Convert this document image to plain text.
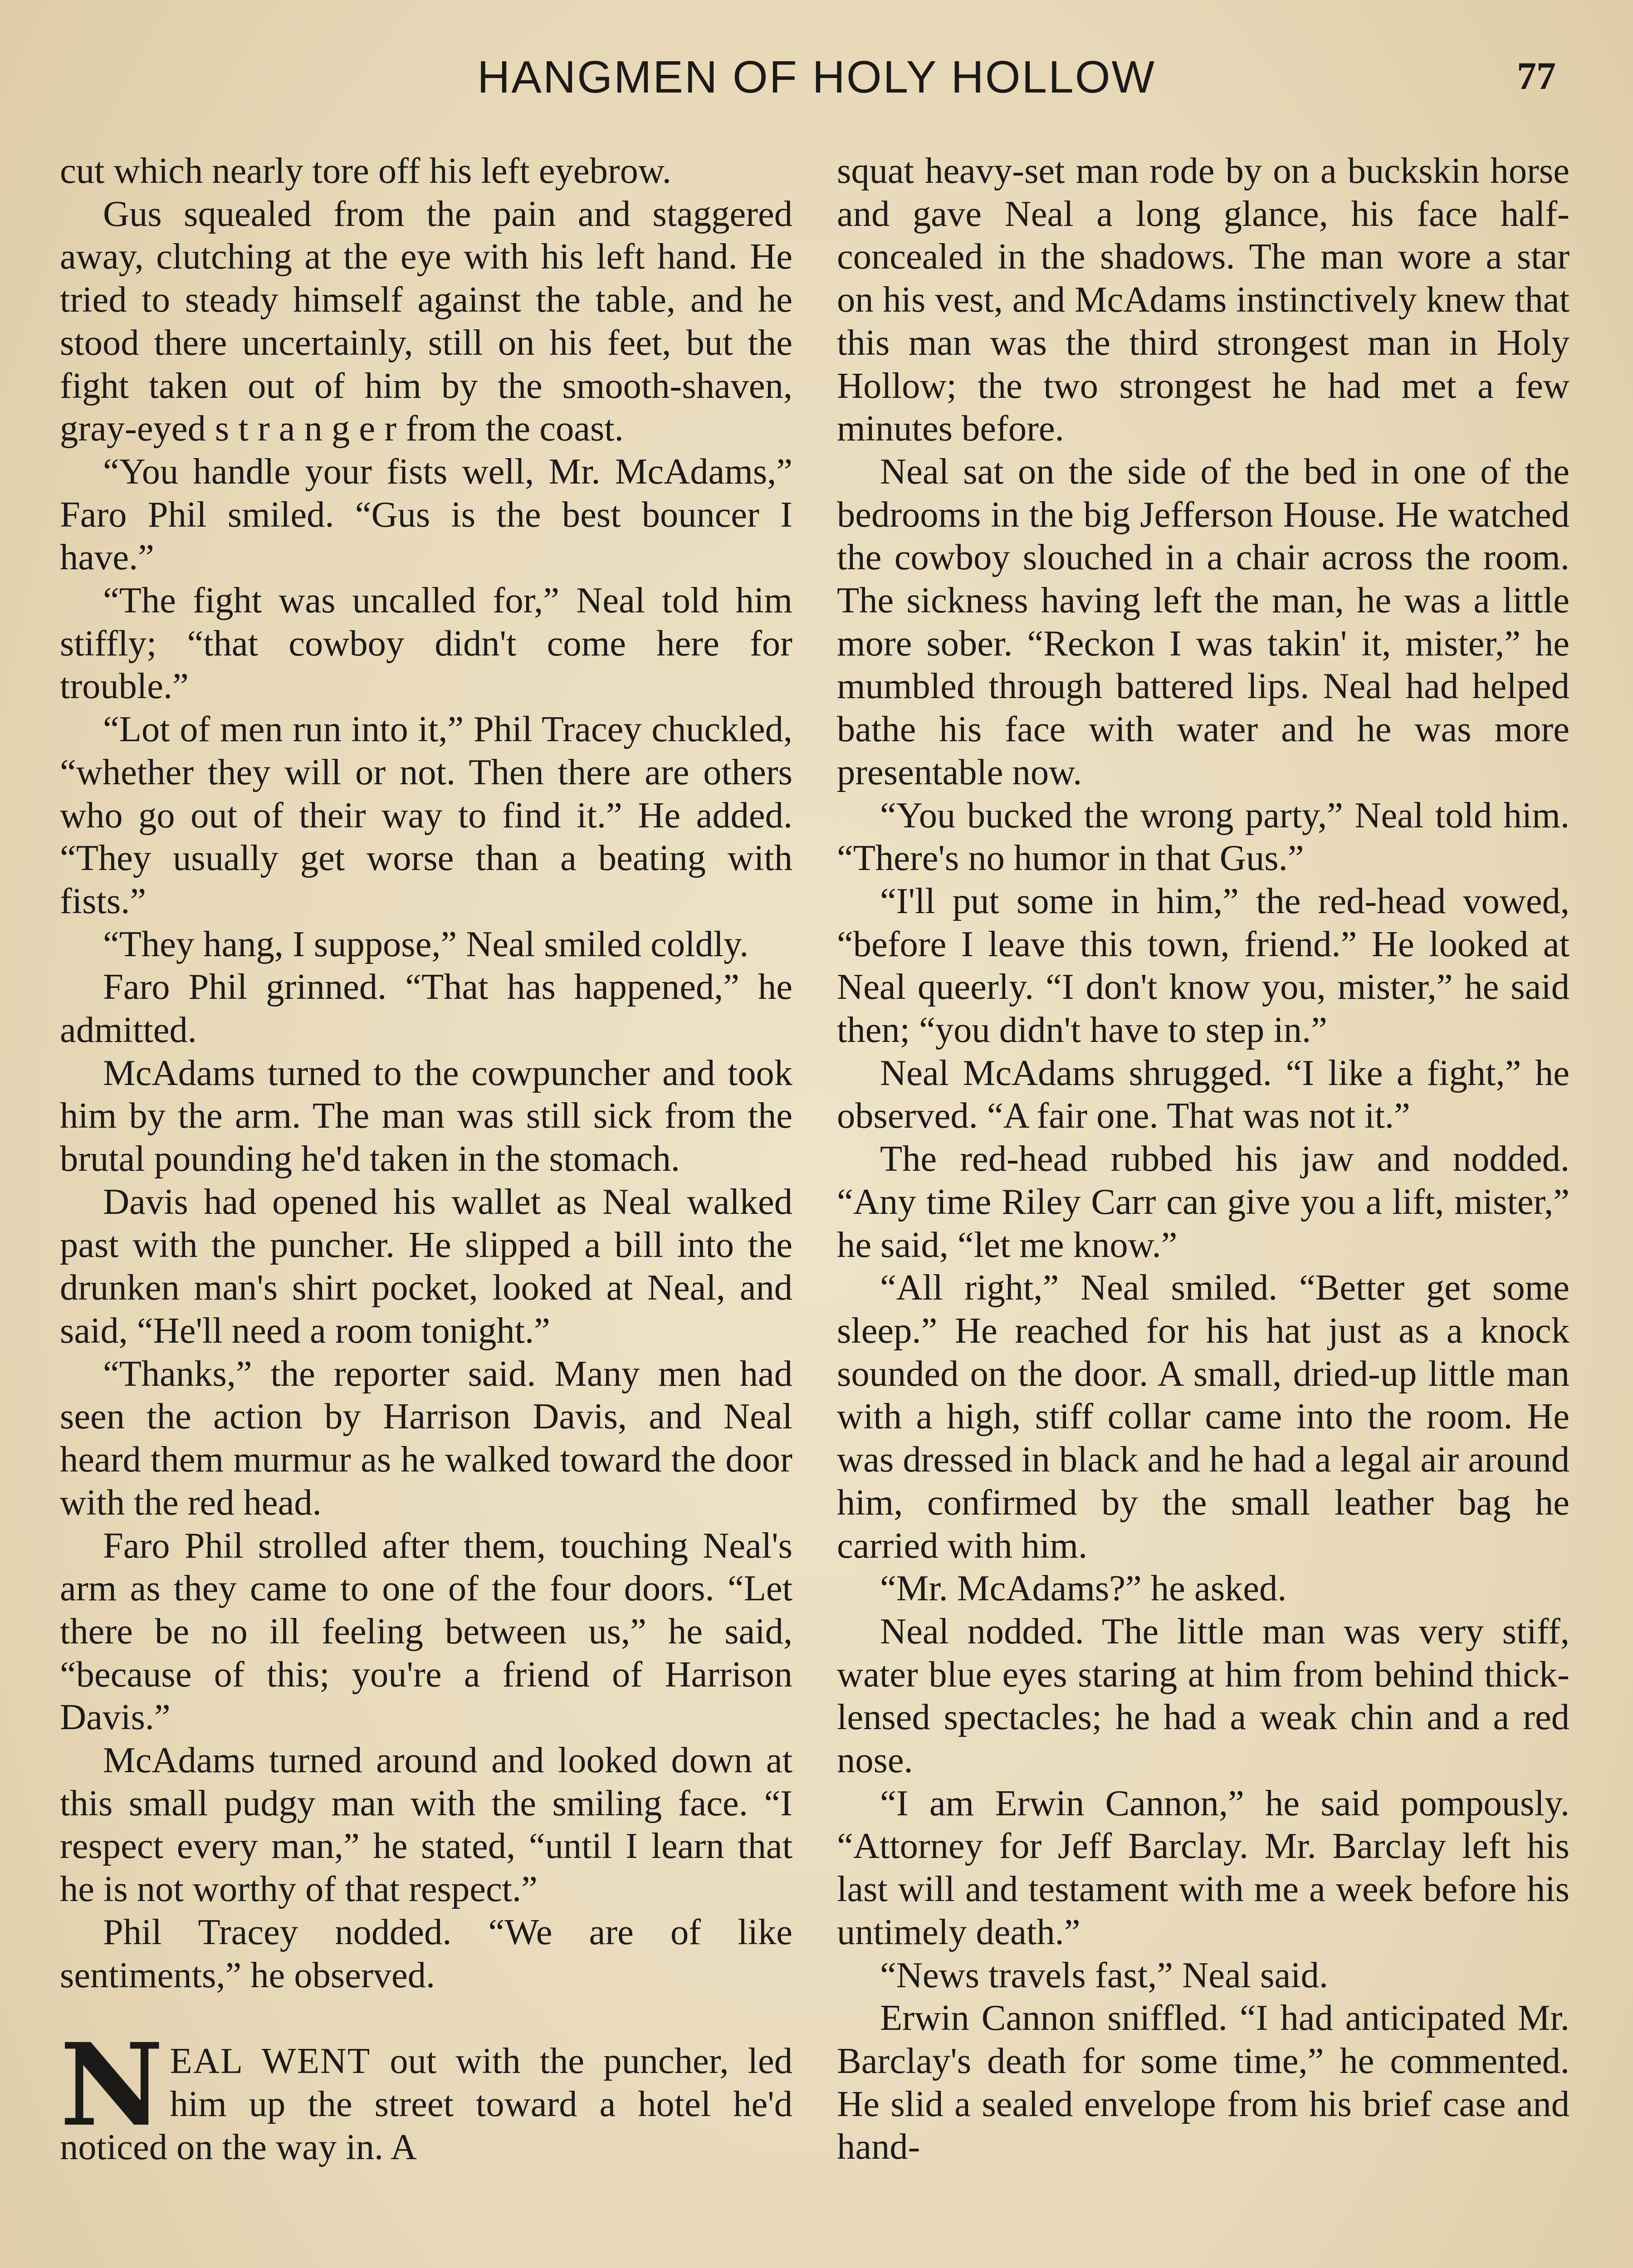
HANGMEN OF HOLY HOLLOW	77

cut which nearly tore off his left eyebrow.

Gus squealed from the pain and staggered away, clutching at the eye with his left hand. He tried to steady himself against the table, and he stood there uncertainly, still on his feet, but the fight taken out of him by the smooth-shaven, gray-eyed s t r a n g e r from the coast.

“You handle your fists well, Mr. McAdams,” Faro Phil smiled. “Gus is the best bouncer I have.”

“The fight was uncalled for,” Neal told him stiffly; “that cowboy didn't come here for trouble.”

“Lot of men run into it,” Phil Tracey chuckled, “whether they will or not. Then there are others who go out of their way to find it.” He added. “They usually get worse than a beating with fists.”

“They hang, I suppose,” Neal smiled coldly.

Faro Phil grinned. “That has happened,” he admitted.

McAdams turned to the cowpuncher and took him by the arm. The man was still sick from the brutal pounding he'd taken in the stomach.

Davis had opened his wallet as Neal walked past with the puncher. He slipped a bill into the drunken man's shirt pocket, looked at Neal, and said, “He'll need a room tonight.”

“Thanks,” the reporter said. Many men had seen the action by Harrison Davis, and Neal heard them murmur as he walked toward the door with the red head.

Faro Phil strolled after them, touching Neal's arm as they came to one of the four doors. “Let there be no ill feeling between us,” he said, “because of this; you're a friend of Harrison Davis.”

McAdams turned around and looked down at this small pudgy man with the smiling face. “I respect every man,” he stated, “until I learn that he is not worthy of that respect.”

Phil Tracey nodded. “We are of like sentiments,” he observed.

NEAL WENT out with the puncher, led him up the street toward a hotel he'd noticed on the way in. A

squat heavy-set man rode by on a buckskin horse and gave Neal a long glance, his face half-concealed in the shadows. The man wore a star on his vest, and McAdams instinctively knew that this man was the third strongest man in Holy Hollow; the two strongest he had met a few minutes before.

Neal sat on the side of the bed in one of the bedrooms in the big Jefferson House. He watched the cowboy slouched in a chair across the room. The sickness having left the man, he was a little more sober. “Reckon I was takin' it, mister,” he mumbled through battered lips. Neal had helped bathe his face with water and he was more presentable now.

“You bucked the wrong party,” Neal told him. “There's no humor in that Gus.”

“I'll put some in him,” the red-head vowed, “before I leave this town, friend.” He looked at Neal queerly. “I don't know you, mister,” he said then; “you didn't have to step in.”

Neal McAdams shrugged. “I like a fight,” he observed. “A fair one. That was not it.”

The red-head rubbed his jaw and nodded. “Any time Riley Carr can give you a lift, mister,” he said, “let me know.”

“All right,” Neal smiled. “Better get some sleep.” He reached for his hat just as a knock sounded on the door. A small, dried-up little man with a high, stiff collar came into the room. He was dressed in black and he had a legal air around him, confirmed by the small leather bag he carried with him.

“Mr. McAdams?” he asked.

Neal nodded. The little man was very stiff, water blue eyes staring at him from behind thick-lensed spectacles; he had a weak chin and a red nose.

“I am Erwin Cannon,” he said pompously. “Attorney for Jeff Barclay. Mr. Barclay left his last will and testament with me a week before his untimely death.”

“News travels fast,” Neal said.

Erwin Cannon sniffled. “I had anticipated Mr. Barclay's death for some time,” he commented. He slid a sealed envelope from his brief case and hand-
